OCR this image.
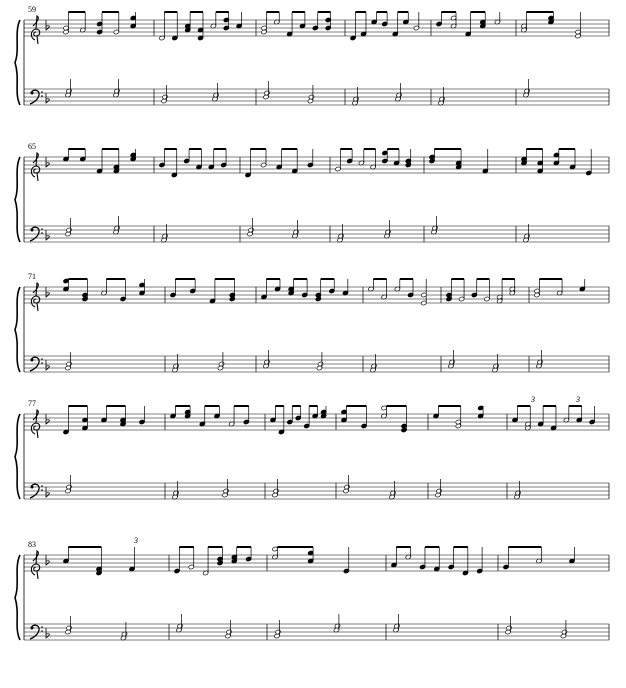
59
65
71
77	3	3
83	3
